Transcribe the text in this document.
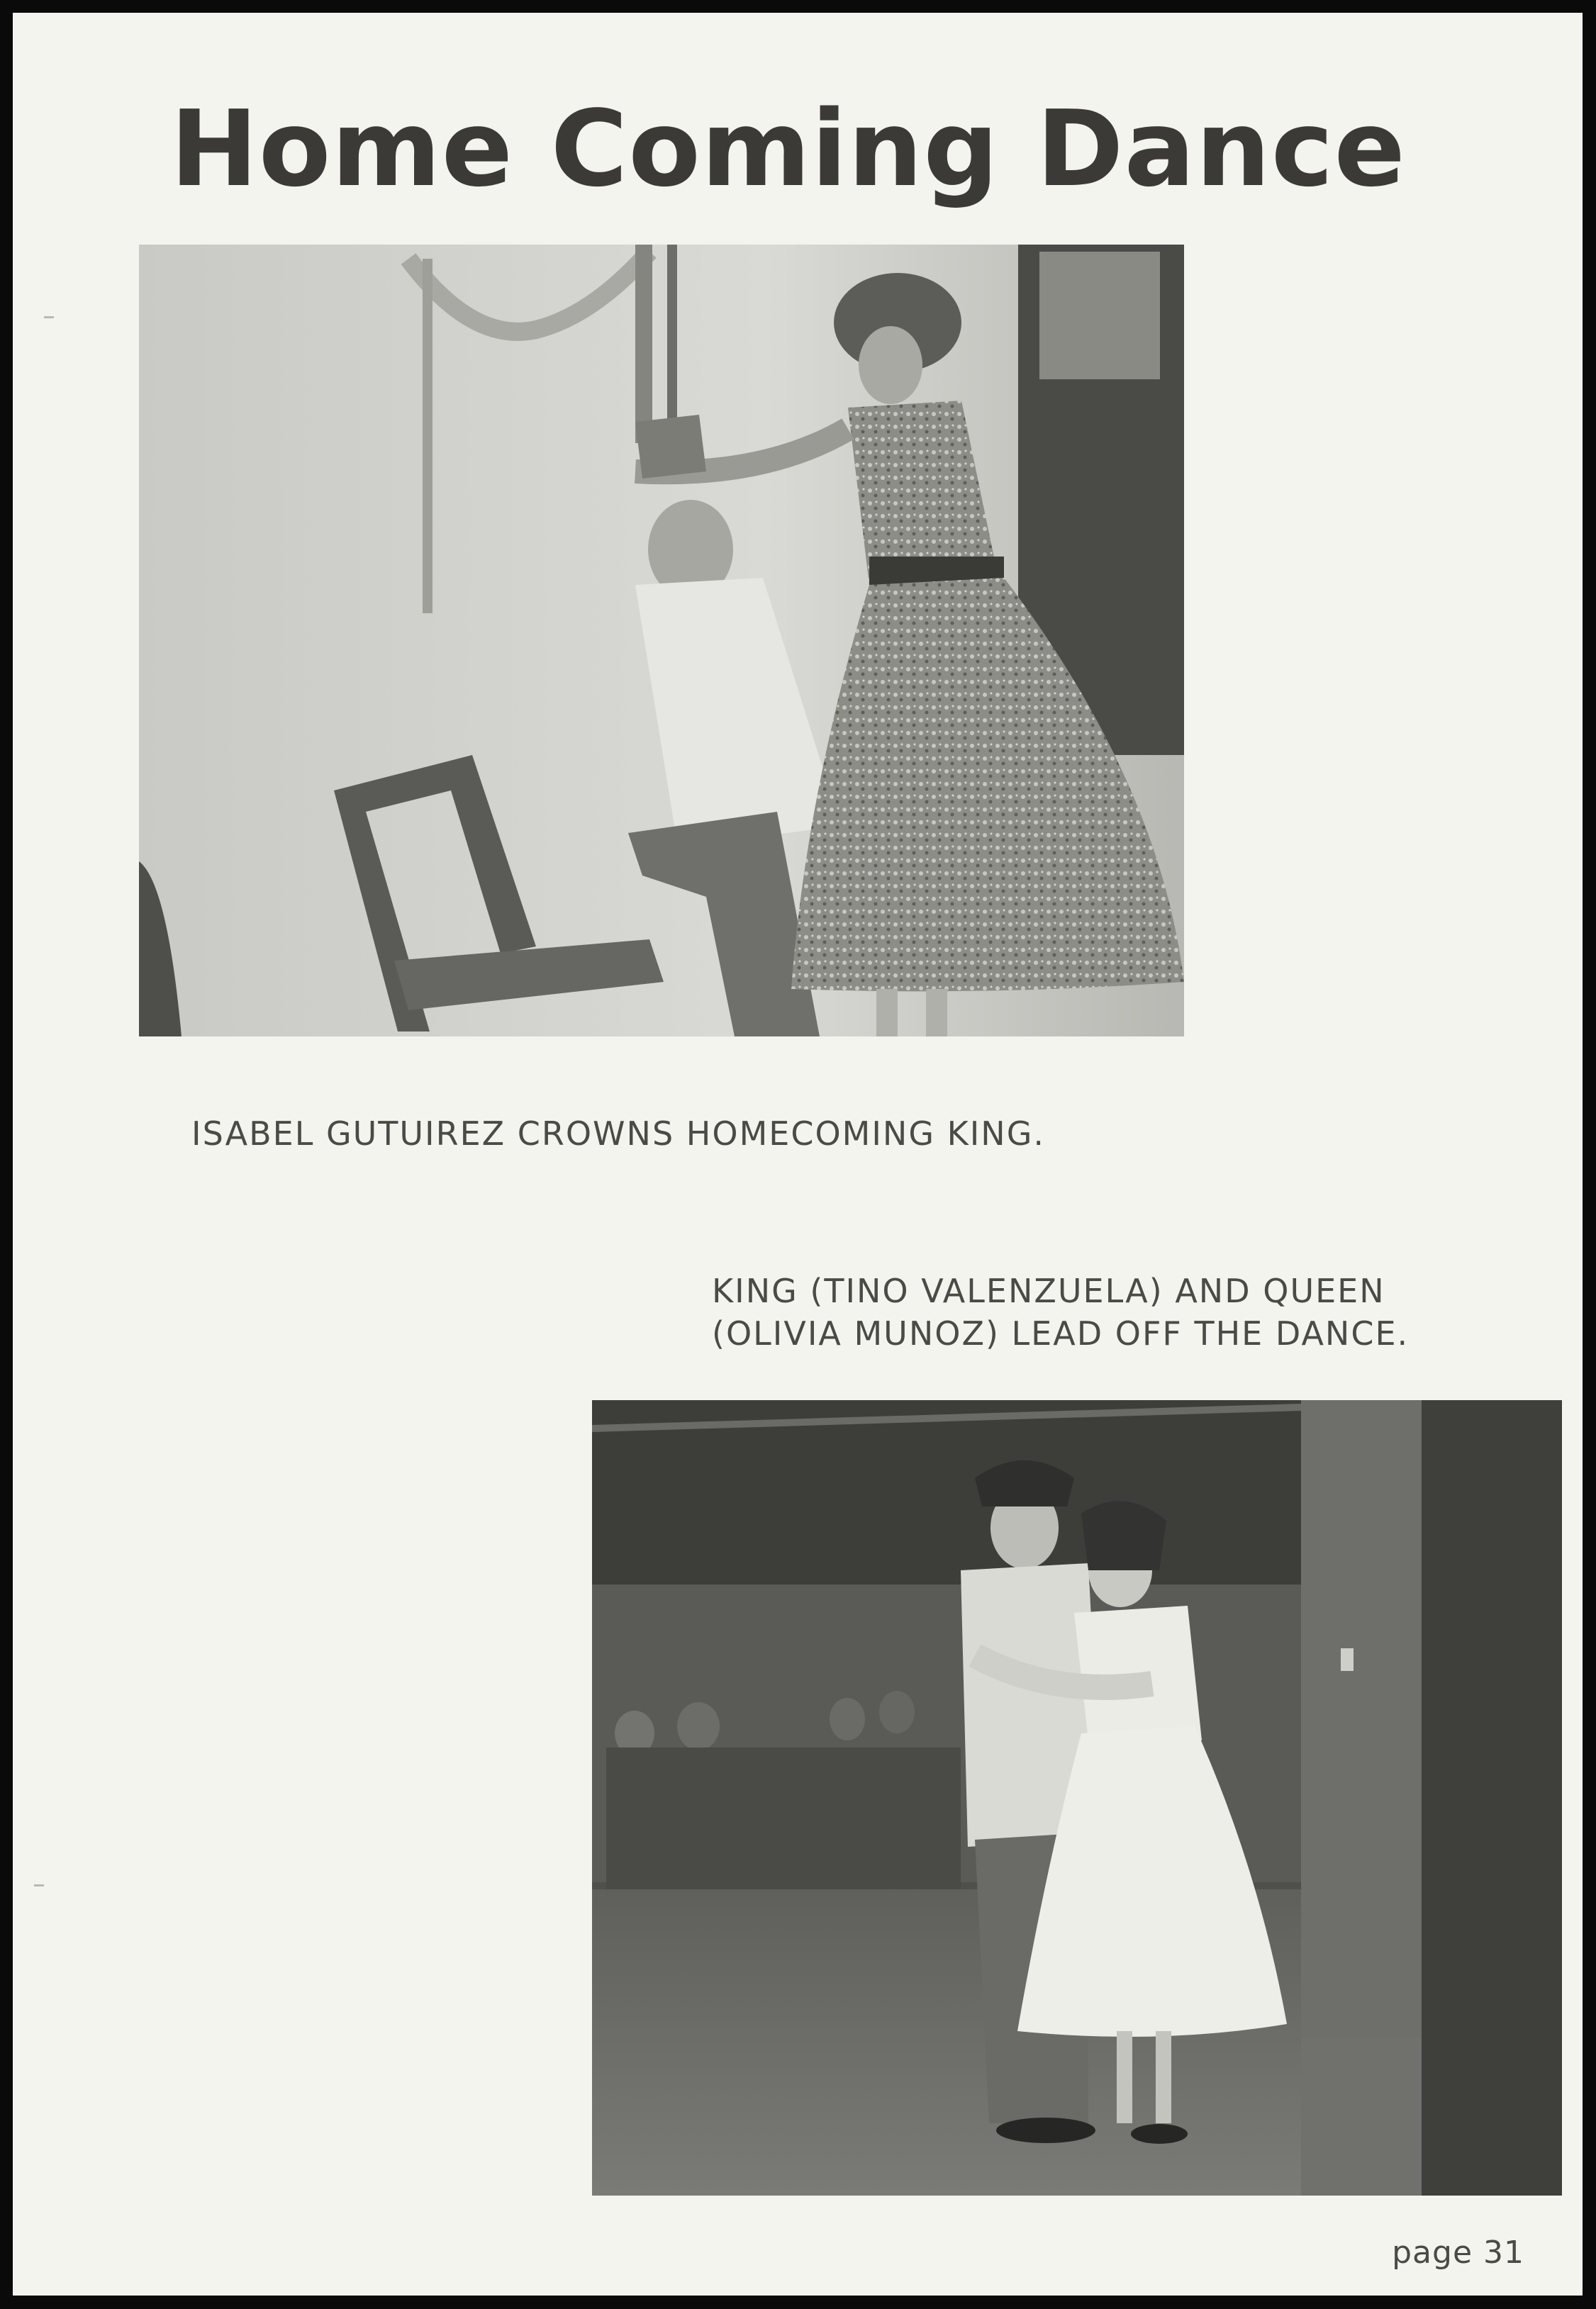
Home Coming Dance

ISABEL GUTUIREZ CROWNS HOMECOMING KING.

KING (TINO VALENZUELA) AND QUEEN
(OLIVIA MUNOZ) LEAD OFF THE DANCE.

page 31
